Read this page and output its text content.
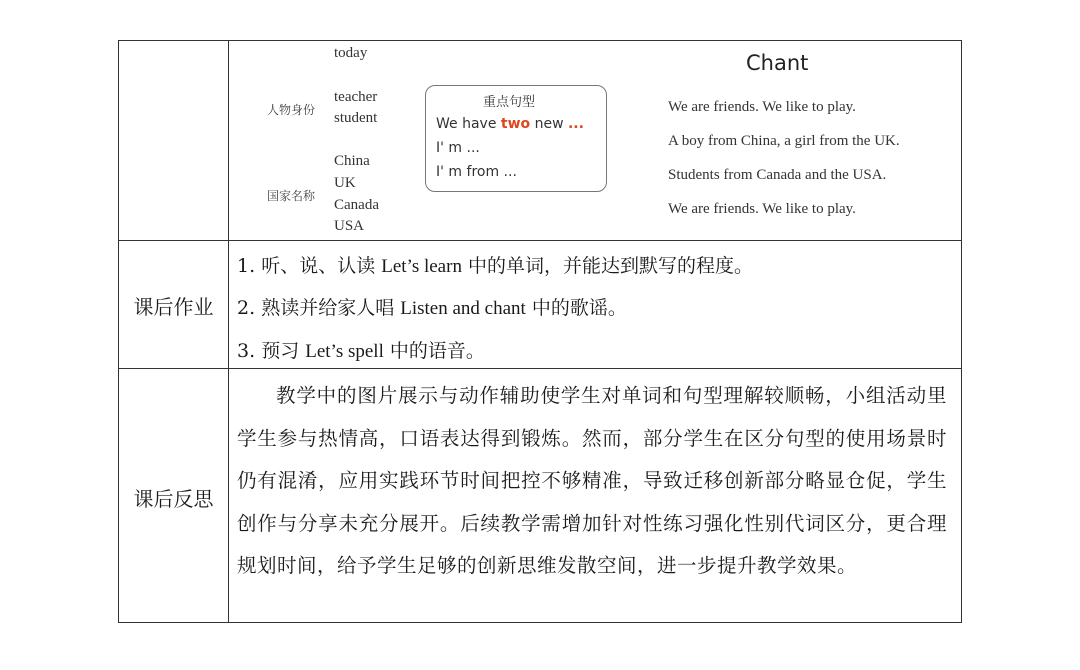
today
人物身份
teacher
student
国家名称
China
UK
Canada
USA
重点句型
We have two new ...
I' m ...
I' m from ...
Chant
We are friends. We like to play.
A boy from China, a girl from the UK.
Students from Canada and the USA.
We are friends. We like to play.
课后作业
1. 听、说、认读 Let’s learn 中的单词，并能达到默写的程度。
2. 熟读并给家人唱 Listen and chant 中的歌谣。
3. 预习 Let’s spell 中的语音。
课后反思
教学中的图片展示与动作辅助使学生对单词和句型理解较顺畅，小组活动里学生参与热情高，口语表达得到锻炼。然而，部分学生在区分句型的使用场景时仍有混淆，应用实践环节时间把控不够精准，导致迁移创新部分略显仓促，学生创作与分享未充分展开。后续教学需增加针对性练习强化性别代词区分，更合理规划时间，给予学生足够的创新思维发散空间，进一步提升教学效果。
